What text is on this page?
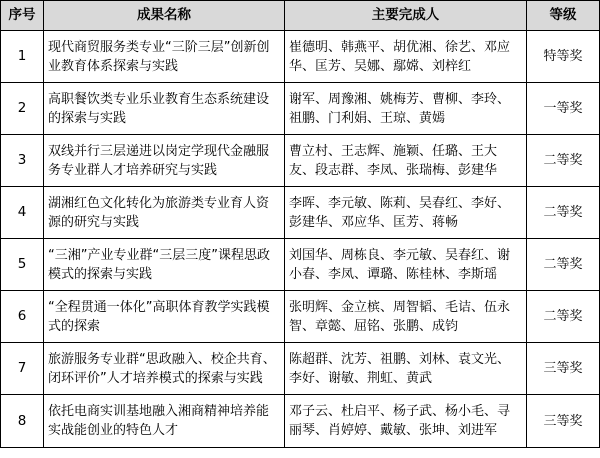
序号	成果名称	主要完成人	等级
1	现代商贸服务类专业“三阶三层”创新创业教育体系探索与实践	崔德明、韩燕平、胡优湘、徐艺、邓应华、匡芳、吴娜、鄢嫦、刘梓红	特等奖
2	高职餐饮类专业乐业教育生态系统建设的探索与实践	谢军、周豫湘、姚梅芳、曹柳、李玲、祖鹏、门利娟、王琼、黄嫣	一等奖
3	双线并行三层递进以岗定学现代金融服务专业群人才培养研究与实践	曹立村、王志辉、施颖、任璐、王大友、段志群、李凤、张瑞梅、彭建华	二等奖
4	湖湘红色文化转化为旅游类专业育人资源的研究与实践	李晖、李元敏、陈莉、吴春红、李好、彭建华、邓应华、匡芳、蒋畅	二等奖
5	“三湘”产业专业群“三层三度”课程思政模式的探索与实践	刘国华、周栋良、李元敏、吴春红、谢小春、李凤、谭璐、陈桂林、李斯瑶	二等奖
6	“全程贯通一体化”高职体育教学实践模式的探索	张明辉、金立槟、周智韬、毛诘、伍永智、章懿、屈铭、张鹏、成钧	二等奖
7	旅游服务专业群“思政融入、校企共育、闭环评价”人才培养模式的探索与实践	陈超群、沈芳、祖鹏、刘林、袁文光、李好、谢敏、荆虹、黄武	三等奖
8	依托电商实训基地融入湘商精神培养能实战能创业的特色人才	邓子云、杜启平、杨子武、杨小毛、寻丽琴、肖婷婷、戴敏、张坤、刘进军	三等奖
